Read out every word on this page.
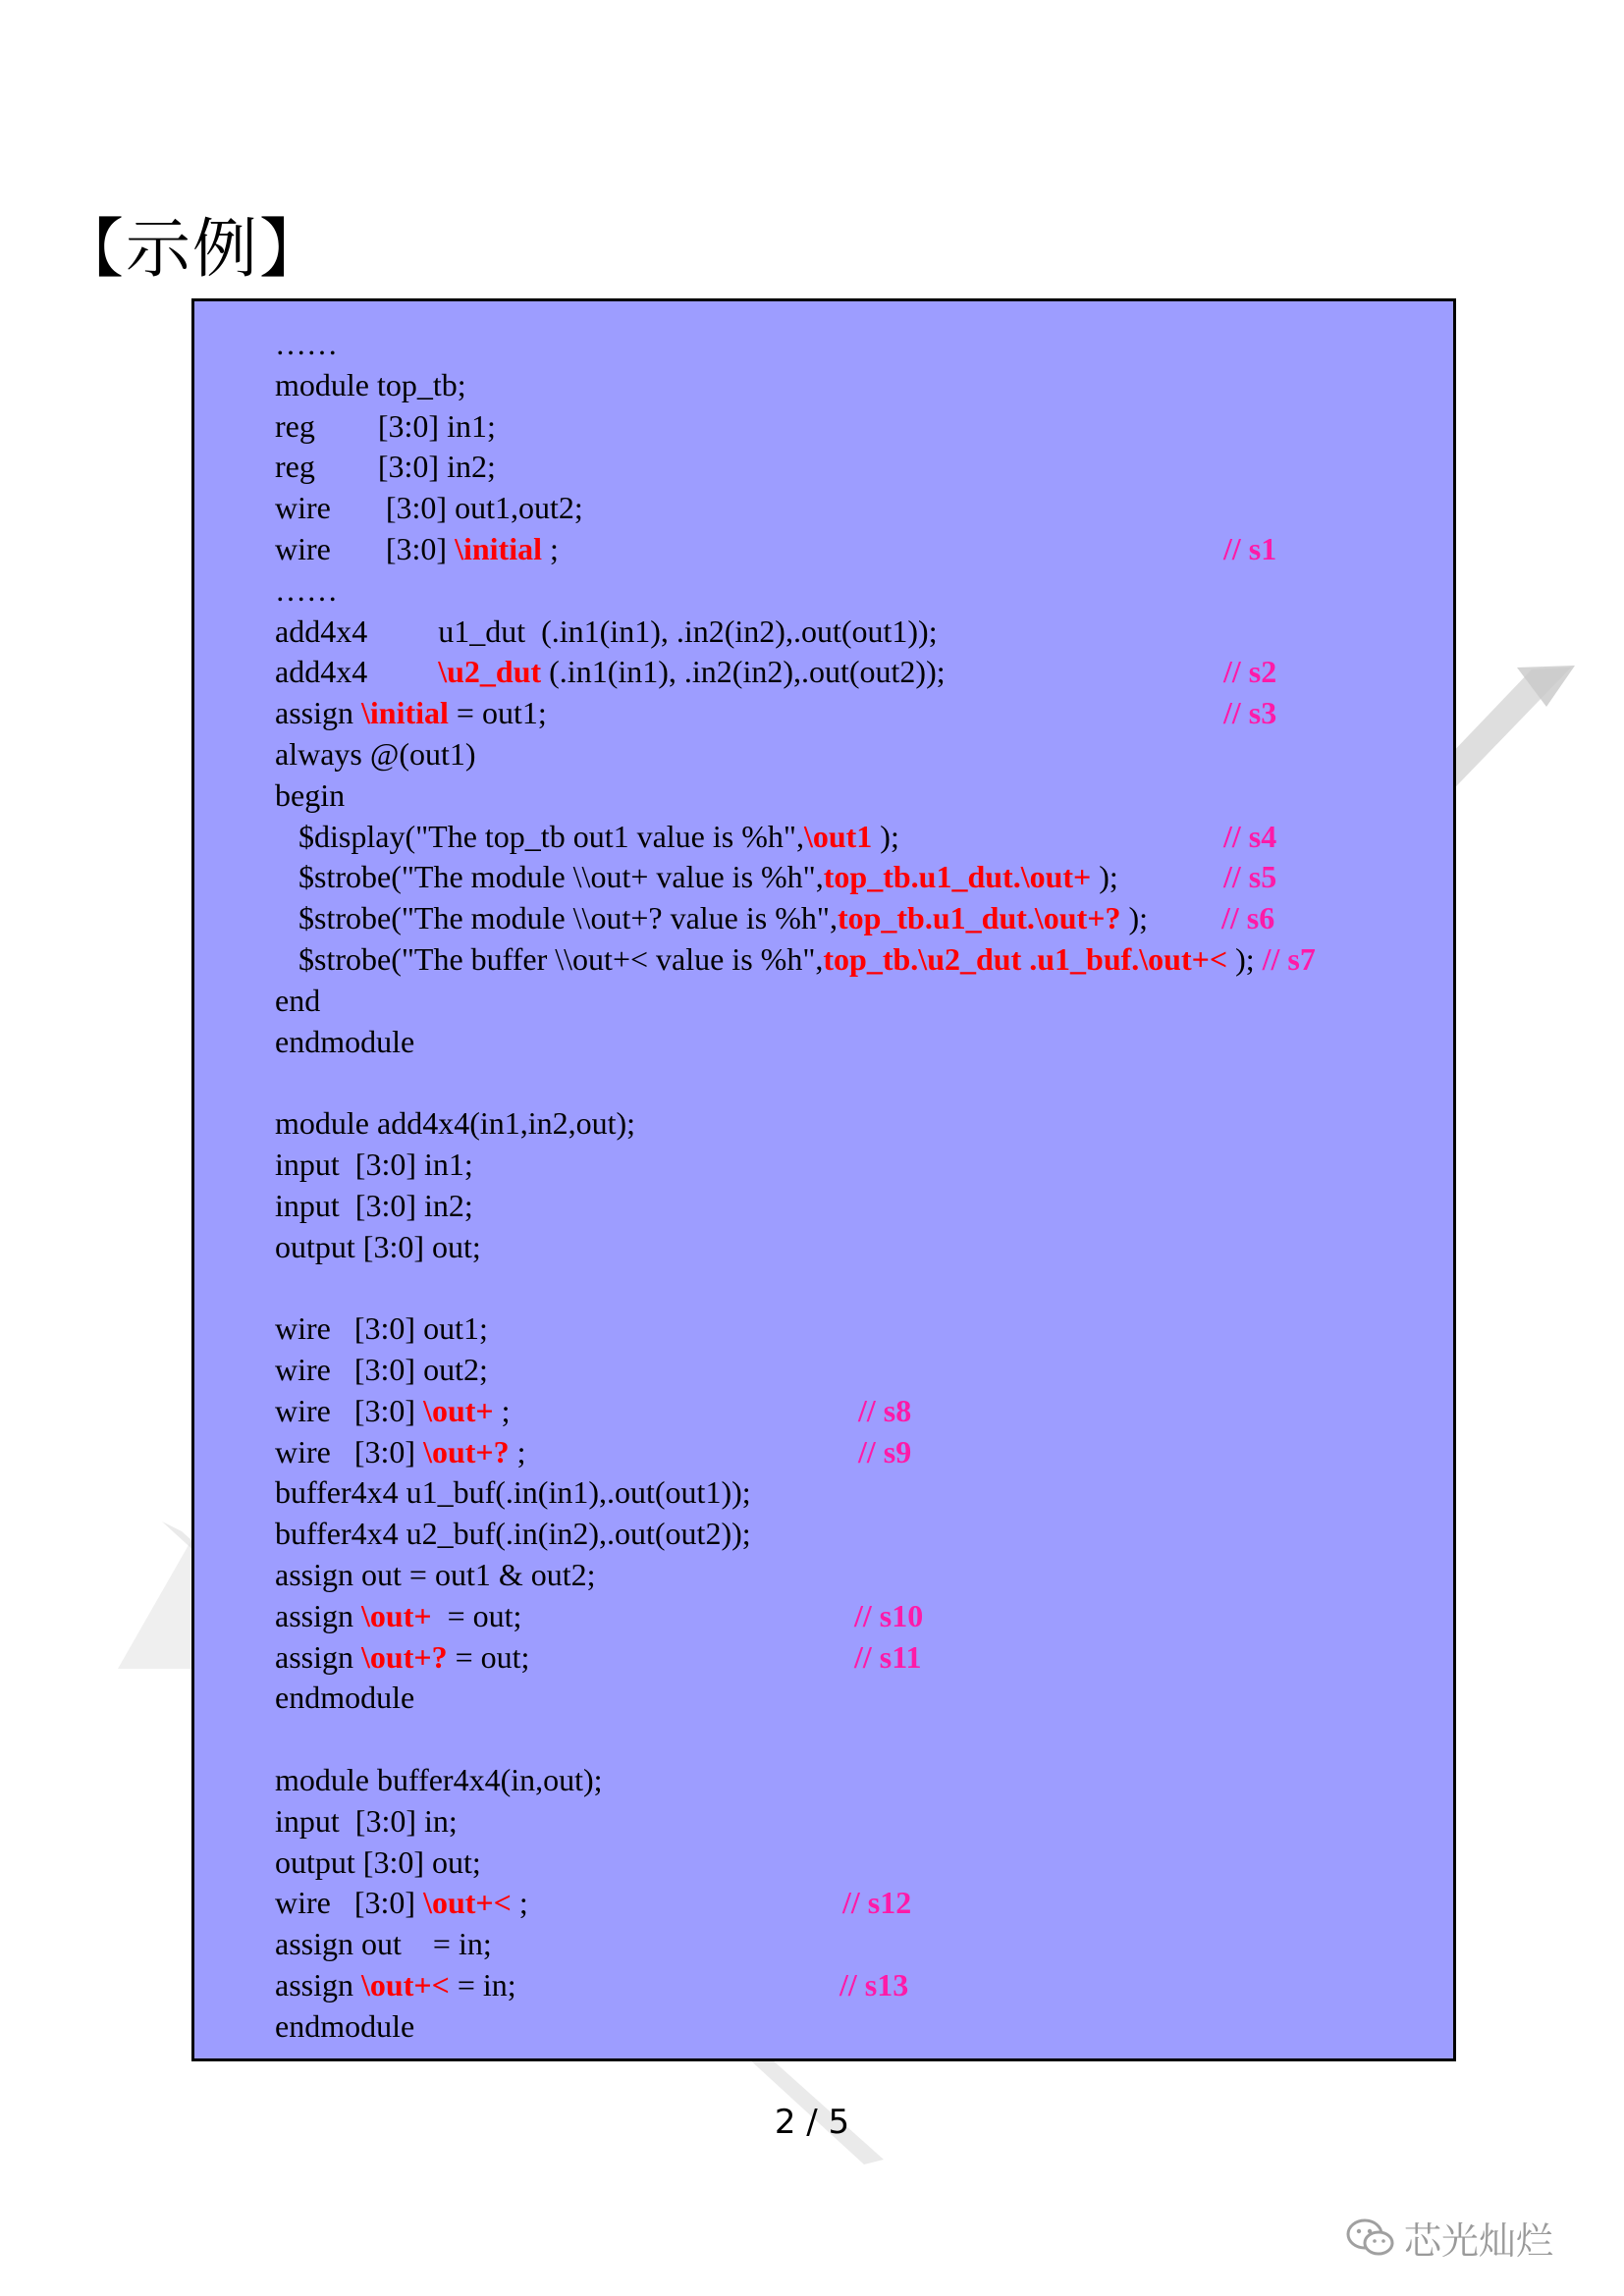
【示例】
……
module top_tb;
reg        [3:0] in1;
reg        [3:0] in2;
wire       [3:0] out1,out2;
wire       [3:0] \initial ;	// s1
……
add4x4         u1_dut  (.in1(in1), .in2(in2),.out(out1));
add4x4         \u2_dut (.in1(in1), .in2(in2),.out(out2));	// s2
assign \initial = out1;	// s3
always @(out1)
begin
$display("The top_tb out1 value is %h",\out1 );	// s4
$strobe("The module \\out+ value is %h",top_tb.u1_dut.\out+ );	// s5
$strobe("The module \\out+? value is %h",top_tb.u1_dut.\out+? ); // s6
$strobe("The buffer \\out+< value is %h",top_tb.\u2_dut .u1_buf.\out+< ); // s7
end
endmodule
module add4x4(in1,in2,out);
input  [3:0] in1;
input  [3:0] in2;
output [3:0] out;
wire   [3:0] out1;
wire   [3:0] out2;
wire   [3:0] \out+ ;	// s8
wire   [3:0] \out+? ;	// s9
buffer4x4 u1_buf(.in(in1),.out(out1));
buffer4x4 u2_buf(.in(in2),.out(out2));
assign out = out1 & out2;
assign \out+  = out;	// s10
assign \out+? = out;	// s11
endmodule
module buffer4x4(in,out);
input  [3:0] in;
output [3:0] out;
wire   [3:0] \out+< ;	// s12
assign out    = in;
assign \out+< = in;	// s13
endmodule
2 / 5
芯光灿烂
